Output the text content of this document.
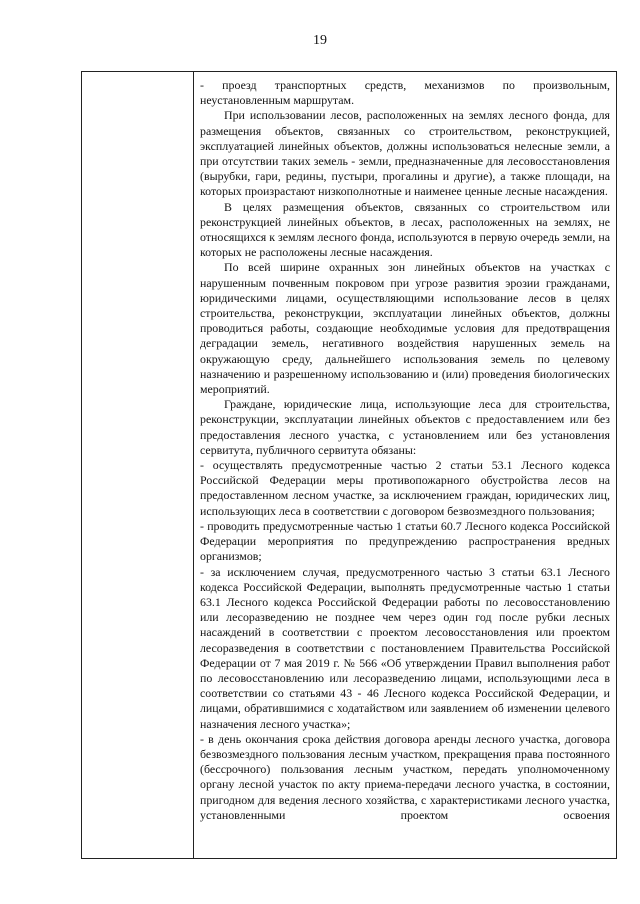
19

- проезд транспортных средств, механизмов по произвольным, неустановленным маршрутам.

При использовании лесов, расположенных на землях лесного фонда, для размещения объектов, связанных со строительством, реконструкцией, эксплуатацией линейных объектов, должны использоваться нелесные земли, а при отсутствии таких земель - земли, предназначенные для лесовосстановления (вырубки, гари, редины, пустыри, прогалины и другие), а также площади, на которых произрастают низкополнотные и наименее ценные лесные насаждения.

В целях размещения объектов, связанных со строительством или реконструкцией линейных объектов, в лесах, расположенных на землях, не относящихся к землям лесного фонда, используются в первую очередь земли, на которых не расположены лесные насаждения.

По всей ширине охранных зон линейных объектов на участках с нарушенным почвенным покровом при угрозе развития эрозии гражданами, юридическими лицами, осуществляющими использование лесов в целях строительства, реконструкции, эксплуатации линейных объектов, должны проводиться работы, создающие необходимые условия для предотвращения деградации земель, негативного воздействия нарушенных земель на окружающую среду, дальнейшего использования земель по целевому назначению и разрешенному использованию и (или) проведения биологических мероприятий.

Граждане, юридические лица, использующие леса для строительства, реконструкции, эксплуатации линейных объектов с предоставлением или без предоставления лесного участка, с установлением или без установления сервитута, публичного сервитута обязаны:

- осуществлять предусмотренные частью 2 статьи 53.1 Лесного кодекса Российской Федерации меры противопожарного обустройства лесов на предоставленном лесном участке, за исключением граждан, юридических лиц, использующих леса в соответствии с договором безвозмездного пользования;

- проводить предусмотренные частью 1 статьи 60.7 Лесного кодекса Российской Федерации мероприятия по предупреждению распространения вредных организмов;

- за исключением случая, предусмотренного частью 3 статьи 63.1 Лесного кодекса Российской Федерации, выполнять предусмотренные частью 1 статьи 63.1 Лесного кодекса Российской Федерации работы по лесовосстановлению или лесоразведению не позднее чем через один год после рубки лесных насаждений в соответствии с проектом лесовосстановления или проектом лесоразведения в соответствии с постановлением Правительства Российской Федерации от 7 мая 2019 г. № 566 «Об утверждении Правил выполнения работ по лесовосстановлению или лесоразведению лицами, использующими леса в соответствии со статьями 43 - 46 Лесного кодекса Российской Федерации, и лицами, обратившимися с ходатайством или заявлением об изменении целевого назначения лесного участка»;

- в день окончания срока действия договора аренды лесного участка, договора безвозмездного пользования лесным участком, прекращения права постоянного (бессрочного) пользования лесным участком, передать уполномоченному органу лесной участок по акту приема-передачи лесного участка, в состоянии, пригодном для ведения лесного хозяйства, с характеристиками лесного участка, установленными проектом освоения
